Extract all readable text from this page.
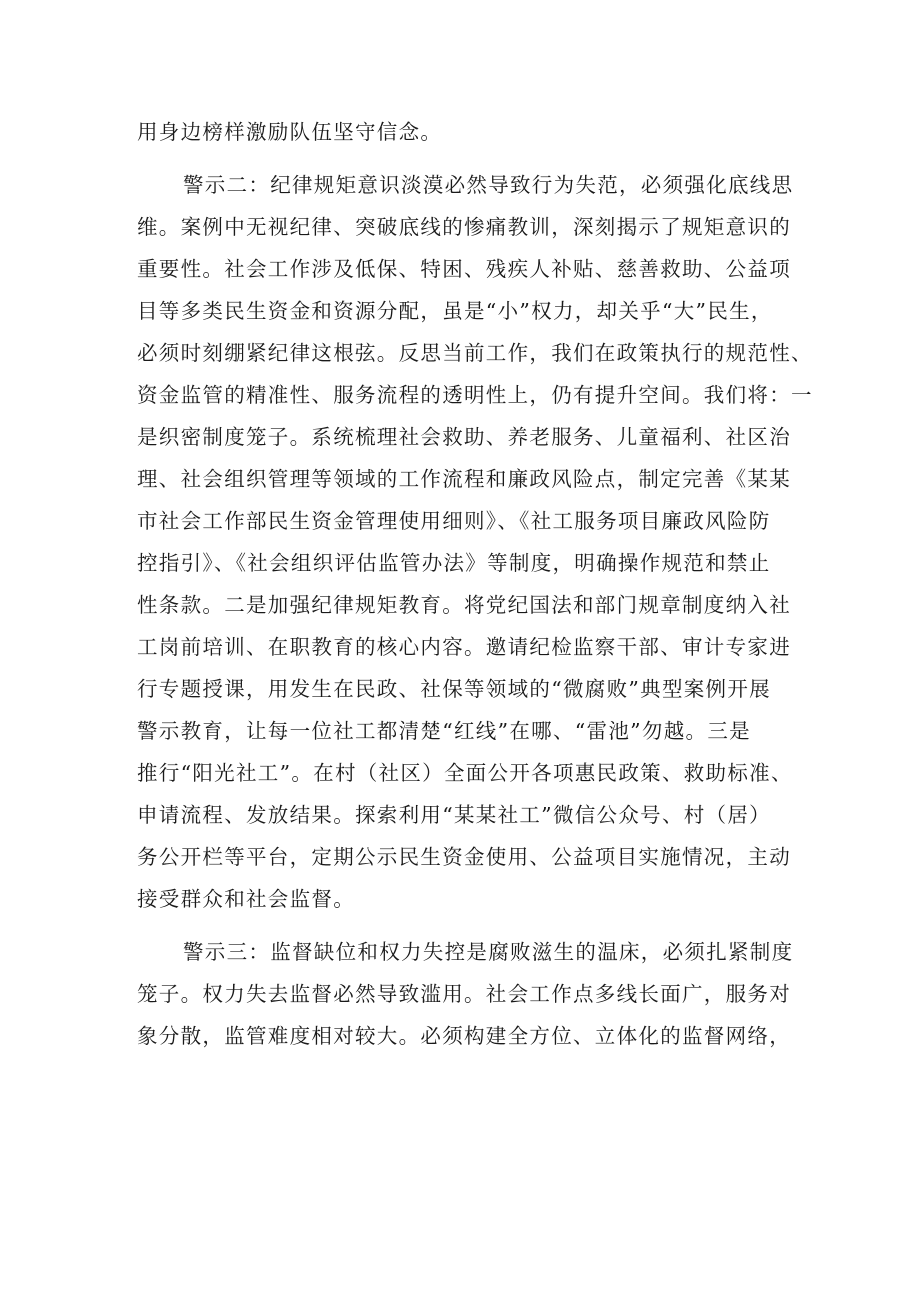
用身边榜样激励队伍坚守信念。
警示二：纪律规矩意识淡漠必然导致行为失范，必须强化底线思
维。案例中无视纪律、突破底线的惨痛教训，深刻揭示了规矩意识的
重要性。社会工作涉及低保、特困、残疾人补贴、慈善救助、公益项
目等多类民生资金和资源分配，虽是“小”权力，却关乎“大”民生，
必须时刻绷紧纪律这根弦。反思当前工作，我们在政策执行的规范性、
资金监管的精准性、服务流程的透明性上，仍有提升空间。我们将：一
是织密制度笼子。系统梳理社会救助、养老服务、儿童福利、社区治
理、社会组织管理等领域的工作流程和廉政风险点，制定完善《某某
市社会工作部民生资金管理使用细则》、《社工服务项目廉政风险防
控指引》、《社会组织评估监管办法》等制度，明确操作规范和禁止
性条款。二是加强纪律规矩教育。将党纪国法和部门规章制度纳入社
工岗前培训、在职教育的核心内容。邀请纪检监察干部、审计专家进
行专题授课，用发生在民政、社保等领域的“微腐败”典型案例开展
警示教育，让每一位社工都清楚“红线”在哪、“雷池”勿越。三是
推行“阳光社工”。在村（社区）全面公开各项惠民政策、救助标准、
申请流程、发放结果。探索利用“某某社工”微信公众号、村（居）
务公开栏等平台，定期公示民生资金使用、公益项目实施情况，主动
接受群众和社会监督。
警示三：监督缺位和权力失控是腐败滋生的温床，必须扎紧制度
笼子。权力失去监督必然导致滥用。社会工作点多线长面广，服务对
象分散，监管难度相对较大。必须构建全方位、立体化的监督网络，
